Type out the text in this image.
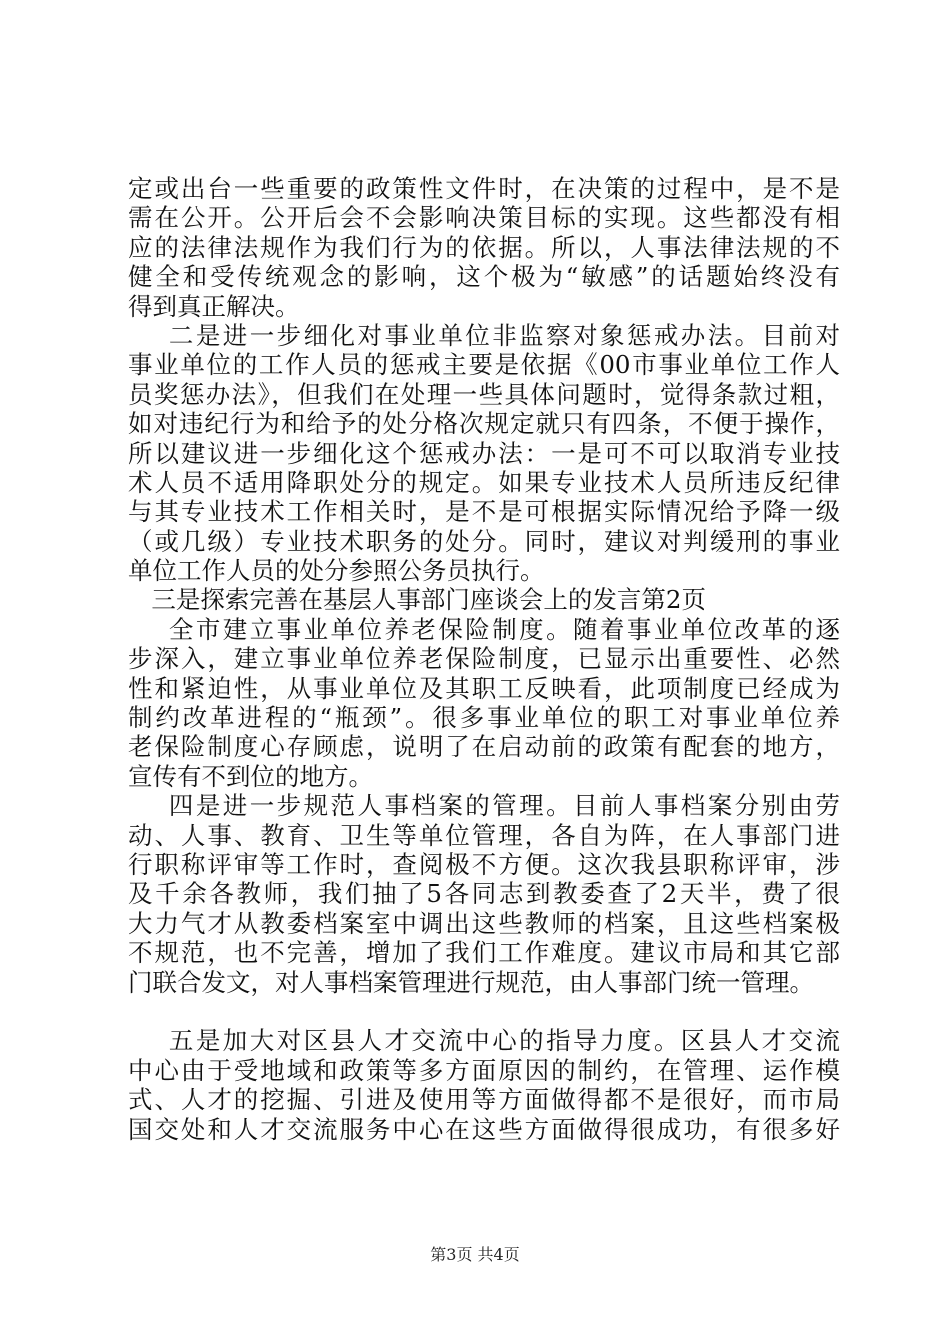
定或出台一些重要的政策性文件时，在决策的过程中，是不是
需在公开。公开后会不会影响决策目标的实现。这些都没有相
应的法律法规作为我们行为的依据。所以，人事法律法规的不
健全和受传统观念的影响，这个极为“敏感”的话题始终没有
得到真正解决。
二是进一步细化对事业单位非监察对象惩戒办法。目前对
事业单位的工作人员的惩戒主要是依据《00市事业单位工作人
员奖惩办法》，但我们在处理一些具体问题时，觉得条款过粗，
如对违纪行为和给予的处分格次规定就只有四条，不便于操作，
所以建议进一步细化这个惩戒办法：一是可不可以取消专业技
术人员不适用降职处分的规定。如果专业技术人员所违反纪律
与其专业技术工作相关时，是不是可根据实际情况给予降一级
（或几级）专业技术职务的处分。同时，建议对判缓刑的事业
单位工作人员的处分参照公务员执行。
三是探索完善在基层人事部门座谈会上的发言第2页
全市建立事业单位养老保险制度。随着事业单位改革的逐
步深入，建立事业单位养老保险制度，已显示出重要性、必然
性和紧迫性，从事业单位及其职工反映看，此项制度已经成为
制约改革进程的“瓶颈”。很多事业单位的职工对事业单位养
老保险制度心存顾虑，说明了在启动前的政策有配套的地方，
宣传有不到位的地方。
四是进一步规范人事档案的管理。目前人事档案分别由劳
动、人事、教育、卫生等单位管理，各自为阵，在人事部门进
行职称评审等工作时，查阅极不方便。这次我县职称评审，涉
及千余各教师，我们抽了5各同志到教委查了2天半，费了很
大力气才从教委档案室中调出这些教师的档案，且这些档案极
不规范，也不完善，增加了我们工作难度。建议市局和其它部
门联合发文，对人事档案管理进行规范，由人事部门统一管理。
五是加大对区县人才交流中心的指导力度。区县人才交流
中心由于受地域和政策等多方面原因的制约，在管理、运作模
式、人才的挖掘、引进及使用等方面做得都不是很好，而市局
国交处和人才交流服务中心在这些方面做得很成功，有很多好
第3页 共4页
